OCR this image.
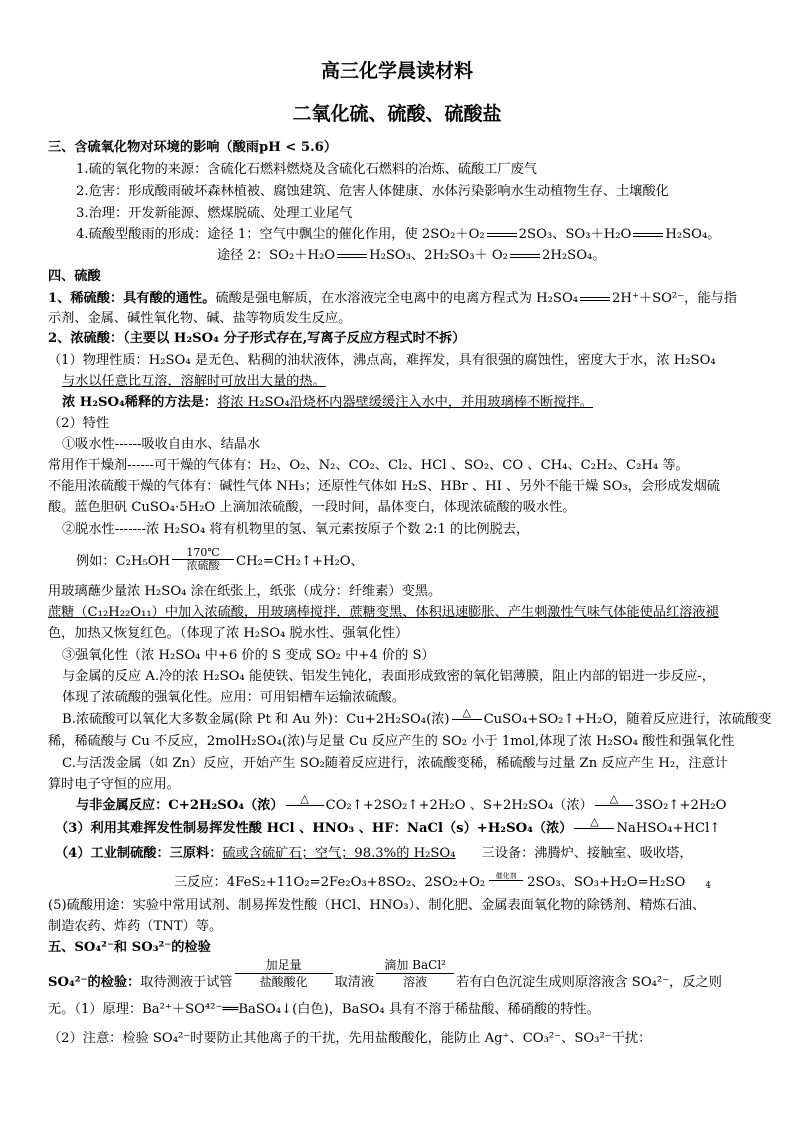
高三化学晨读材料
二氧化硫、硫酸、硫酸盐
三、含硫氧化物对环境的影响（酸雨pH < 5.6）
1.硫的氧化物的来源：含硫化石燃料燃烧及含硫化石燃料的冶炼、硫酸工厂废气
2.危害：形成酸雨破坏森林植被、腐蚀建筑、危害人体健康、水体污染影响水生动植物生存、土壤酸化
3.治理：开发新能源、燃煤脱硫、处理工业尾气
4.硫酸型酸雨的形成：途径 1：空气中飘尘的催化作用，使 2SO₂＋O₂	2SO₃、SO₃＋H₂O	H₂SO₄。
途径 2：SO₂＋H₂O	H₂SO₃、2H₂SO₃＋ O₂	2H₂SO₄。
四、硫酸
1、稀硫酸：具有酸的通性。硫酸是强电解质，在水溶液完全电离中的电离方程式为 H₂SO₄	2H⁺＋SO²⁻，能与指
示剂、金属、碱性氧化物、碱、盐等物质发生反应。
2、浓硫酸：（主要以 H₂SO₄ 分子形式存在,写离子反应方程式时不拆）
（1）物理性质：H₂SO₄ 是无色、粘稠的油状液体，沸点高，难挥发，具有很强的腐蚀性，密度大于水，浓 H₂SO₄
与水以任意比互溶，溶解时可放出大量的热。
浓 H₂SO₄稀释的方法是：将浓 H₂SO₄沿烧杯内器壁缓缓注入水中，并用玻璃棒不断搅拌。
（2）特性
①吸水性------吸收自由水、结晶水
常用作干燥剂------可干燥的气体有：H₂、O₂、N₂、CO₂、Cl₂、HCl 、SO₂、CO 、CH₄、C₂H₂、C₂H₄ 等。
不能用浓硫酸干燥的气体有：碱性气体 NH₃；还原性气体如 H₂S、HBr 、HI 、另外不能干燥 SO₃，会形成发烟硫
酸。蓝色胆矾 CuSO₄·5H₂O 上滴加浓硫酸，一段时间，晶体变白，体现浓硫酸的吸水性。
②脱水性-------浓 H₂SO₄ 将有机物里的氢、氧元素按原子个数 2:1 的比例脱去，
例如：C₂H₅OH
170℃
浓硫酸	CH₂=CH₂↑+H₂O、
用玻璃蘸少量浓 H₂SO₄ 涂在纸张上，纸张（成分：纤维素）变黑。
蔗糖（C₁₂H₂₂O₁₁）中加入浓硫酸，用玻璃棒搅拌，蔗糖变黑、体积迅速膨胀、产生刺激性气味气体能使品红溶液褪
色，加热又恢复红色。（体现了浓 H₂SO₄ 脱水性、强氧化性）
③强氧化性（浓 H₂SO₄ 中+6 价的 S 变成 SO₂ 中+4 价的 S）
与金属的反应 A.冷的浓 H₂SO₄ 能使铁、铝发生钝化，表面形成致密的氧化铝薄膜，阻止内部的铝进一步反应-，
体现了浓硫酸的强氧化性。应用：可用铝槽车运输浓硫酸。
B.浓硫酸可以氧化大多数金属(除 Pt 和 Au 外)：Cu+2H₂SO₄(浓)	△ CuSO₄+SO₂↑+H₂O，随着反应进行，浓硫酸变
稀，稀硫酸与 Cu 不反应，2molH₂SO₄(浓)与足量 Cu 反应产生的 SO₂ 小于 1mol,体现了浓 H₂SO₄ 酸性和强氧化性
C.与活泼金属（如 Zn）反应，开始产生 SO₂随着反应进行，浓硫酸变稀，稀硫酸与过量 Zn 反应产生 H₂，注意计
算时电子守恒的应用。
与非金属反应：C+2H₂SO₄（浓）	△	CO₂↑+2SO₂↑+2H₂O 、S+2H₂SO₄（浓）	△	3SO₂↑+2H₂O
（3）利用其难挥发性制易挥发性酸 HCl 、HNO₃ 、HF：NaCl（s）+H₂SO₄（浓）	△	NaHSO₄+HCl↑
（4）工业制硫酸：三原料：硫或含硫矿石；空气；98.3%的 H₂SO₄ 三设备：沸腾炉、接触室、吸收塔，
三反应：4FeS₂+11O₂=2Fe₂O₃+8SO₂、2SO₂+O₂	催化剂 2SO₃、SO₃+H₂O=H₂SO $_4$
(5)硫酸用途：实验中常用试剂、制易挥发性酸（HCl、HNO₃）、制化肥、金属表面氧化物的除锈剂、精炼石油、
制造农药、炸药（TNT）等。
五、SO₄²⁻和 SO₃²⁻的检验
SO₄²⁻的检验：取待测液于试管
加足量
盐酸酸化	取清液
滴加 BaCl²
溶液	若有白色沉淀生成则原溶液含 SO₄²⁻，反之则
无。（1）原理：Ba²⁺＋SO⁴²⁻══BaSO₄↓(白色)，BaSO₄ 具有不溶于稀盐酸、稀硝酸的特性。
（2）注意：检验 SO₄²⁻时要防止其他离子的干扰，先用盐酸酸化，能防止 Ag⁺、CO₃²⁻、SO₃²⁻干扰：
